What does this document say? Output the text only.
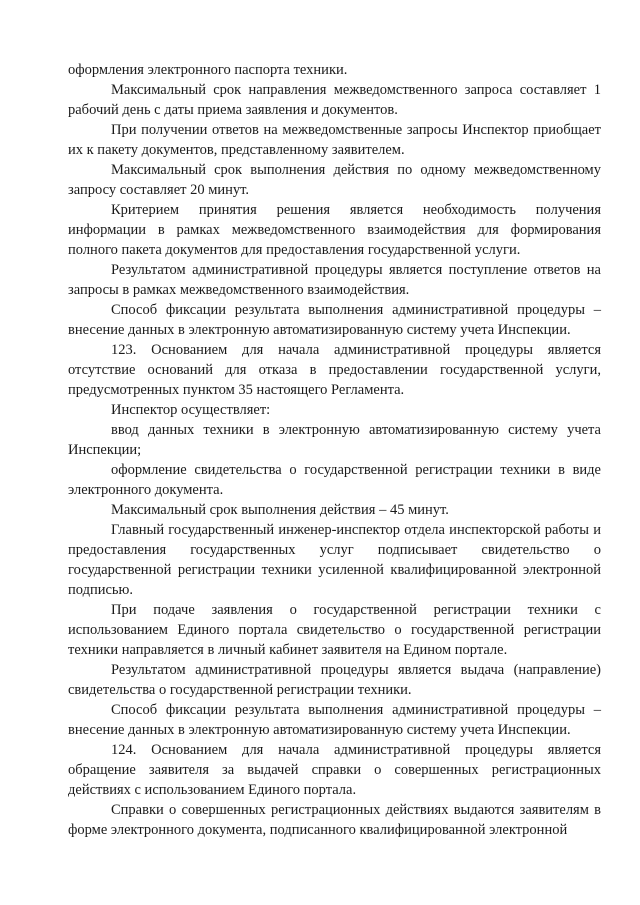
оформления электронного паспорта техники.

Максимальный срок направления межведомственного запроса составляет 1 рабочий день с даты приема заявления и документов.

При получении ответов на межведомственные запросы Инспектор приобщает их к пакету документов, представленному заявителем.

Максимальный срок выполнения действия по одному межведомственному запросу составляет 20 минут.

Критерием принятия решения является необходимость получения информации в рамках межведомственного взаимодействия для формирования полного пакета документов для предоставления государственной услуги.

Результатом административной процедуры является поступление ответов на запросы в рамках межведомственного взаимодействия.

Способ фиксации результата выполнения административной процедуры – внесение данных в электронную автоматизированную систему учета Инспекции.

123. Основанием для начала административной процедуры является отсутствие оснований для отказа в предоставлении государственной услуги, предусмотренных пунктом 35 настоящего Регламента.

Инспектор осуществляет:

ввод данных техники в электронную автоматизированную систему учета Инспекции;

оформление свидетельства о государственной регистрации техники в виде электронного документа.

Максимальный срок выполнения действия – 45 минут.

Главный государственный инженер-инспектор отдела инспекторской работы и предоставления государственных услуг подписывает свидетельство о государственной регистрации техники усиленной квалифицированной электронной подписью.

При подаче заявления о государственной регистрации техники с использованием Единого портала свидетельство о государственной регистрации техники направляется в личный кабинет заявителя на Едином портале.

Результатом административной процедуры является выдача (направление) свидетельства о государственной регистрации техники.

Способ фиксации результата выполнения административной процедуры – внесение данных в электронную автоматизированную систему учета Инспекции.

124. Основанием для начала административной процедуры является обращение заявителя за выдачей справки о совершенных регистрационных действиях с использованием Единого портала.

Справки о совершенных регистрационных действиях выдаются заявителям в форме электронного документа, подписанного квалифицированной электронной
